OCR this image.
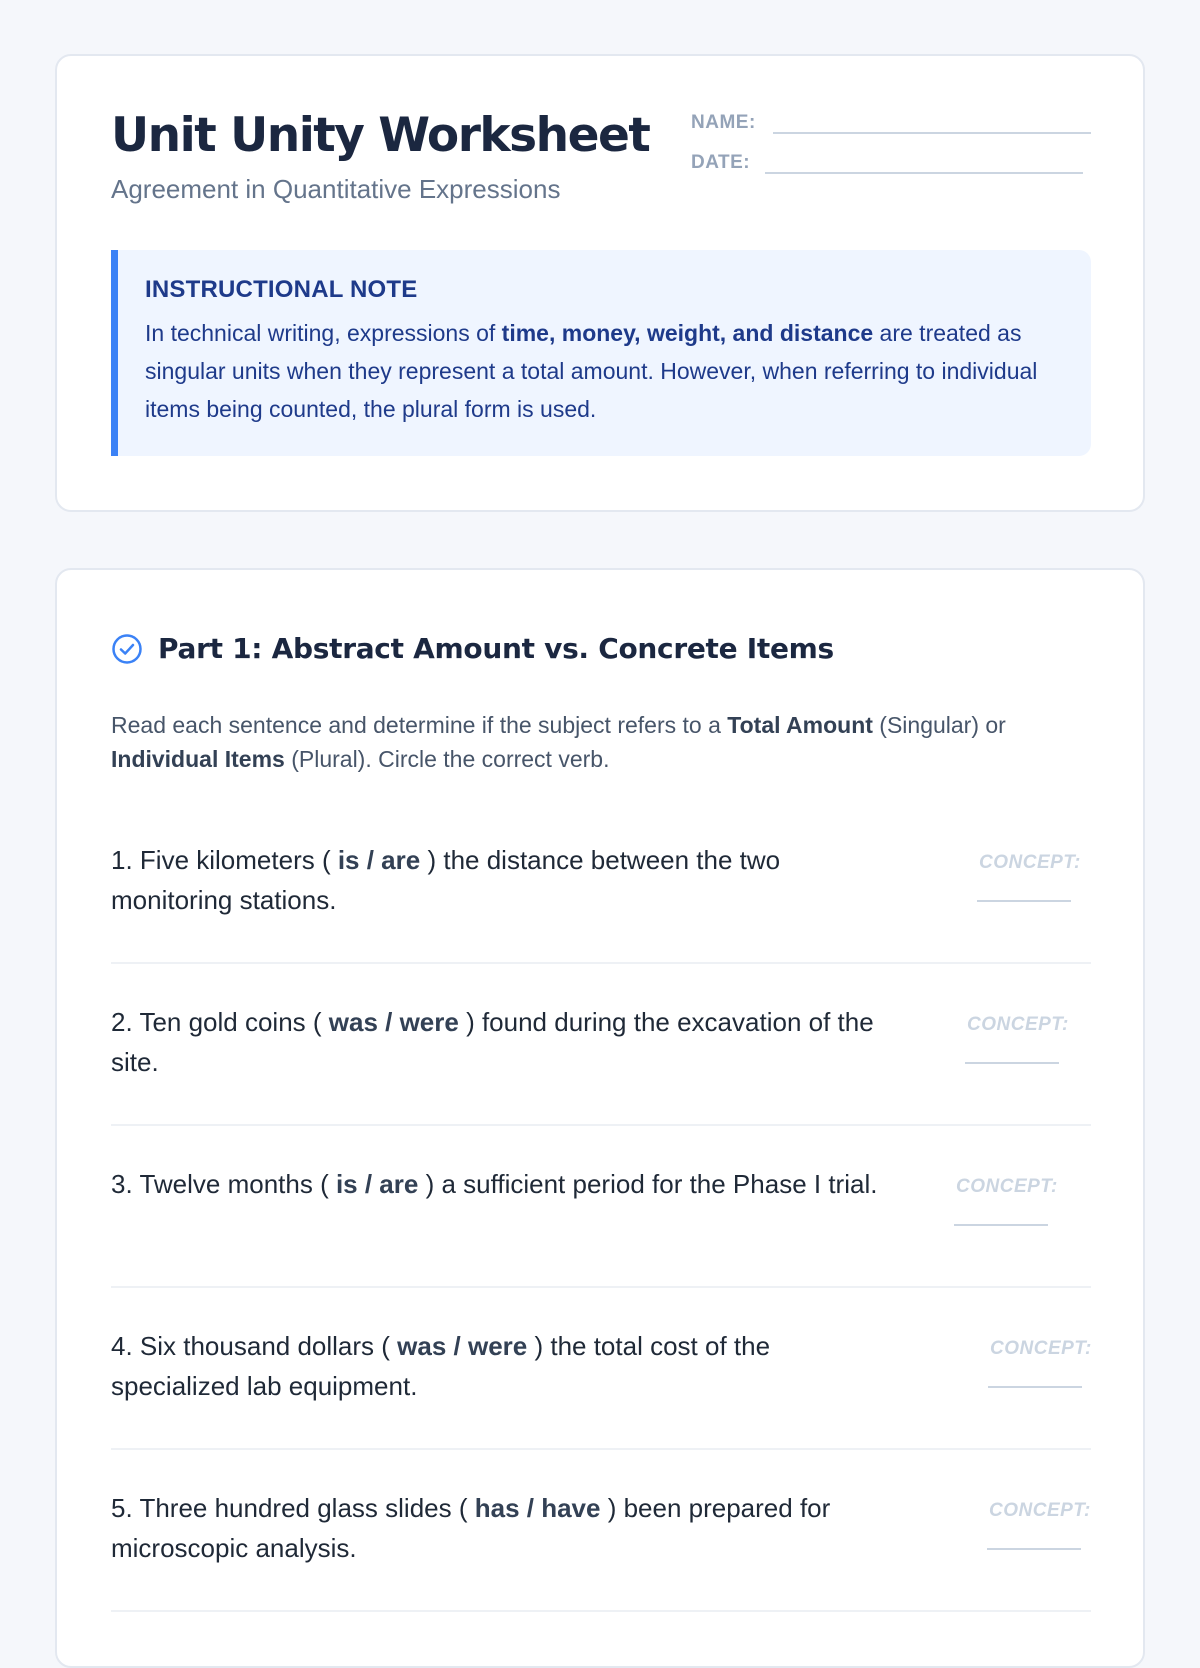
Unit Unity Worksheet
Agreement in Quantitative Expressions
NAME:
DATE:
INSTRUCTIONAL NOTE
In technical writing, expressions of time, money, weight, and distance are treated as singular units when they represent a total amount. However, when referring to individual items being counted, the plural form is used.
Part 1: Abstract Amount vs. Concrete Items
Read each sentence and determine if the subject refers to a Total Amount (Singular) or Individual Items (Plural). Circle the correct verb.
1. Five kilometers ( is / are ) the distance between the two monitoring stations.
CONCEPT:
2. Ten gold coins ( was / were ) found during the excavation of the site.
CONCEPT:
3. Twelve months ( is / are ) a sufficient period for the Phase I trial.	CONCEPT:
4. Six thousand dollars ( was / were ) the total cost of the specialized lab equipment.
CONCEPT:
5. Three hundred glass slides ( has / have ) been prepared for microscopic analysis.
CONCEPT:
